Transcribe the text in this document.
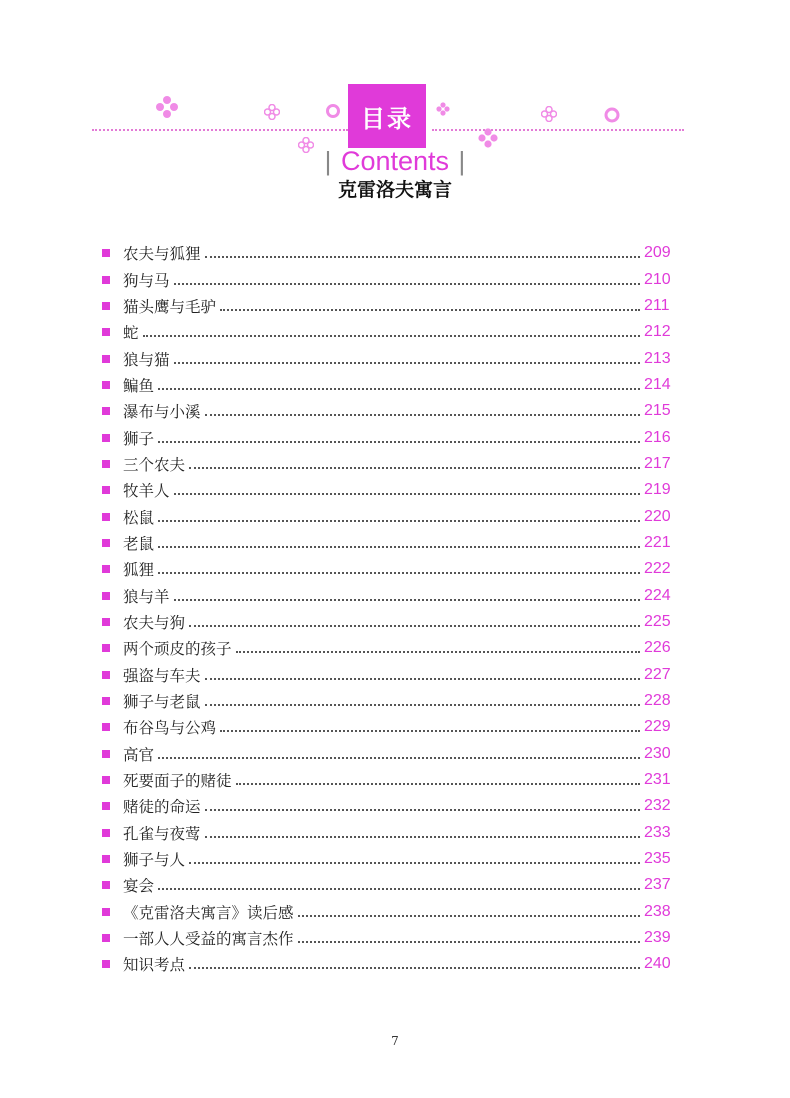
目录
| Contents |
克雷洛夫寓言
农夫与狐狸	209
狗与马	210
猫头鹰与毛驴	211
蛇	212
狼与猫	213
鳊鱼	214
瀑布与小溪	215
狮子	216
三个农夫	217
牧羊人	219
松鼠	220
老鼠	221
狐狸	222
狼与羊	224
农夫与狗	225
两个顽皮的孩子	226
强盗与车夫	227
狮子与老鼠	228
布谷鸟与公鸡	229
高官	230
死要面子的赌徒	231
赌徒的命运	232
孔雀与夜莺	233
狮子与人	235
宴会	237
《克雷洛夫寓言》读后感	238
一部人人受益的寓言杰作	239
知识考点	240
7
